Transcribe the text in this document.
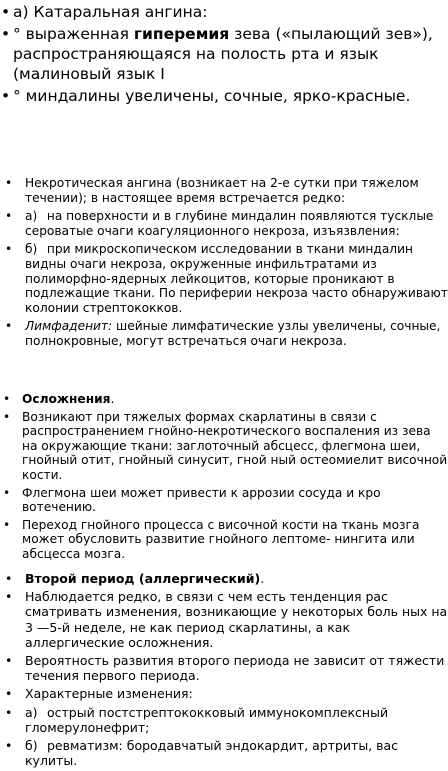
• а) Катаральная ангина:
• ° выраженная гиперемия зева («пылающий зев»), распространяющаяся на полость рта и язык (малиновый язык I
• ° миндалины увеличены, сочные, ярко-красные.
• Некротическая ангина (возникает на 2-е сутки при тяжелом течении); в настоящее время встречается редко:
• а) на поверхности и в глубине миндалин появляются тусклые сероватые очаги коагуляционного некроза, изъязвления:
• б) при микроскопическом исследовании в ткани миндалин видны очаги некроза, окруженные инфильтратами из полиморфно-ядерных лейкоцитов, которые проникают в подлежащие ткани. По периферии некроза часто обнаруживают колонии стрептококков.
• Лимфаденит: шейные лимфатические узлы увеличены, сочные, полнокровные, могут встречаться очаги некроза.
• Осложнения.
• Возникают при тяжелых формах скарлатины в связи с распространением гнойно-некротического воспаления из зева на окружающие ткани: заглоточный абсцесс, флегмона шеи, гнойный отит, гнойный синусит, гной ный остеомиелит височной кости.
• Флегмона шеи может привести к аррозии сосуда и кро вотечению.
• Переход гнойного процесса с височной кости на ткань мозга может обусловить развитие гнойного лептоме- нингита или абсцесса мозга.
• Второй период (аллергический).
• Наблюдается редко, в связи с чем есть тенденция рас сматривать изменения, возникающие у некоторых боль ных на 3 —5-й неделе, не как период скарлатины, а как аллергические осложнения.
• Вероятность развития второго периода не зависит от тяжести течения первого периода.
• Характерные изменения:
• а) острый постстрептококковый иммунокомплексный гломерулонефрит;
• б) ревматизм: бородавчатый эндокардит, артриты, вас кулиты.
